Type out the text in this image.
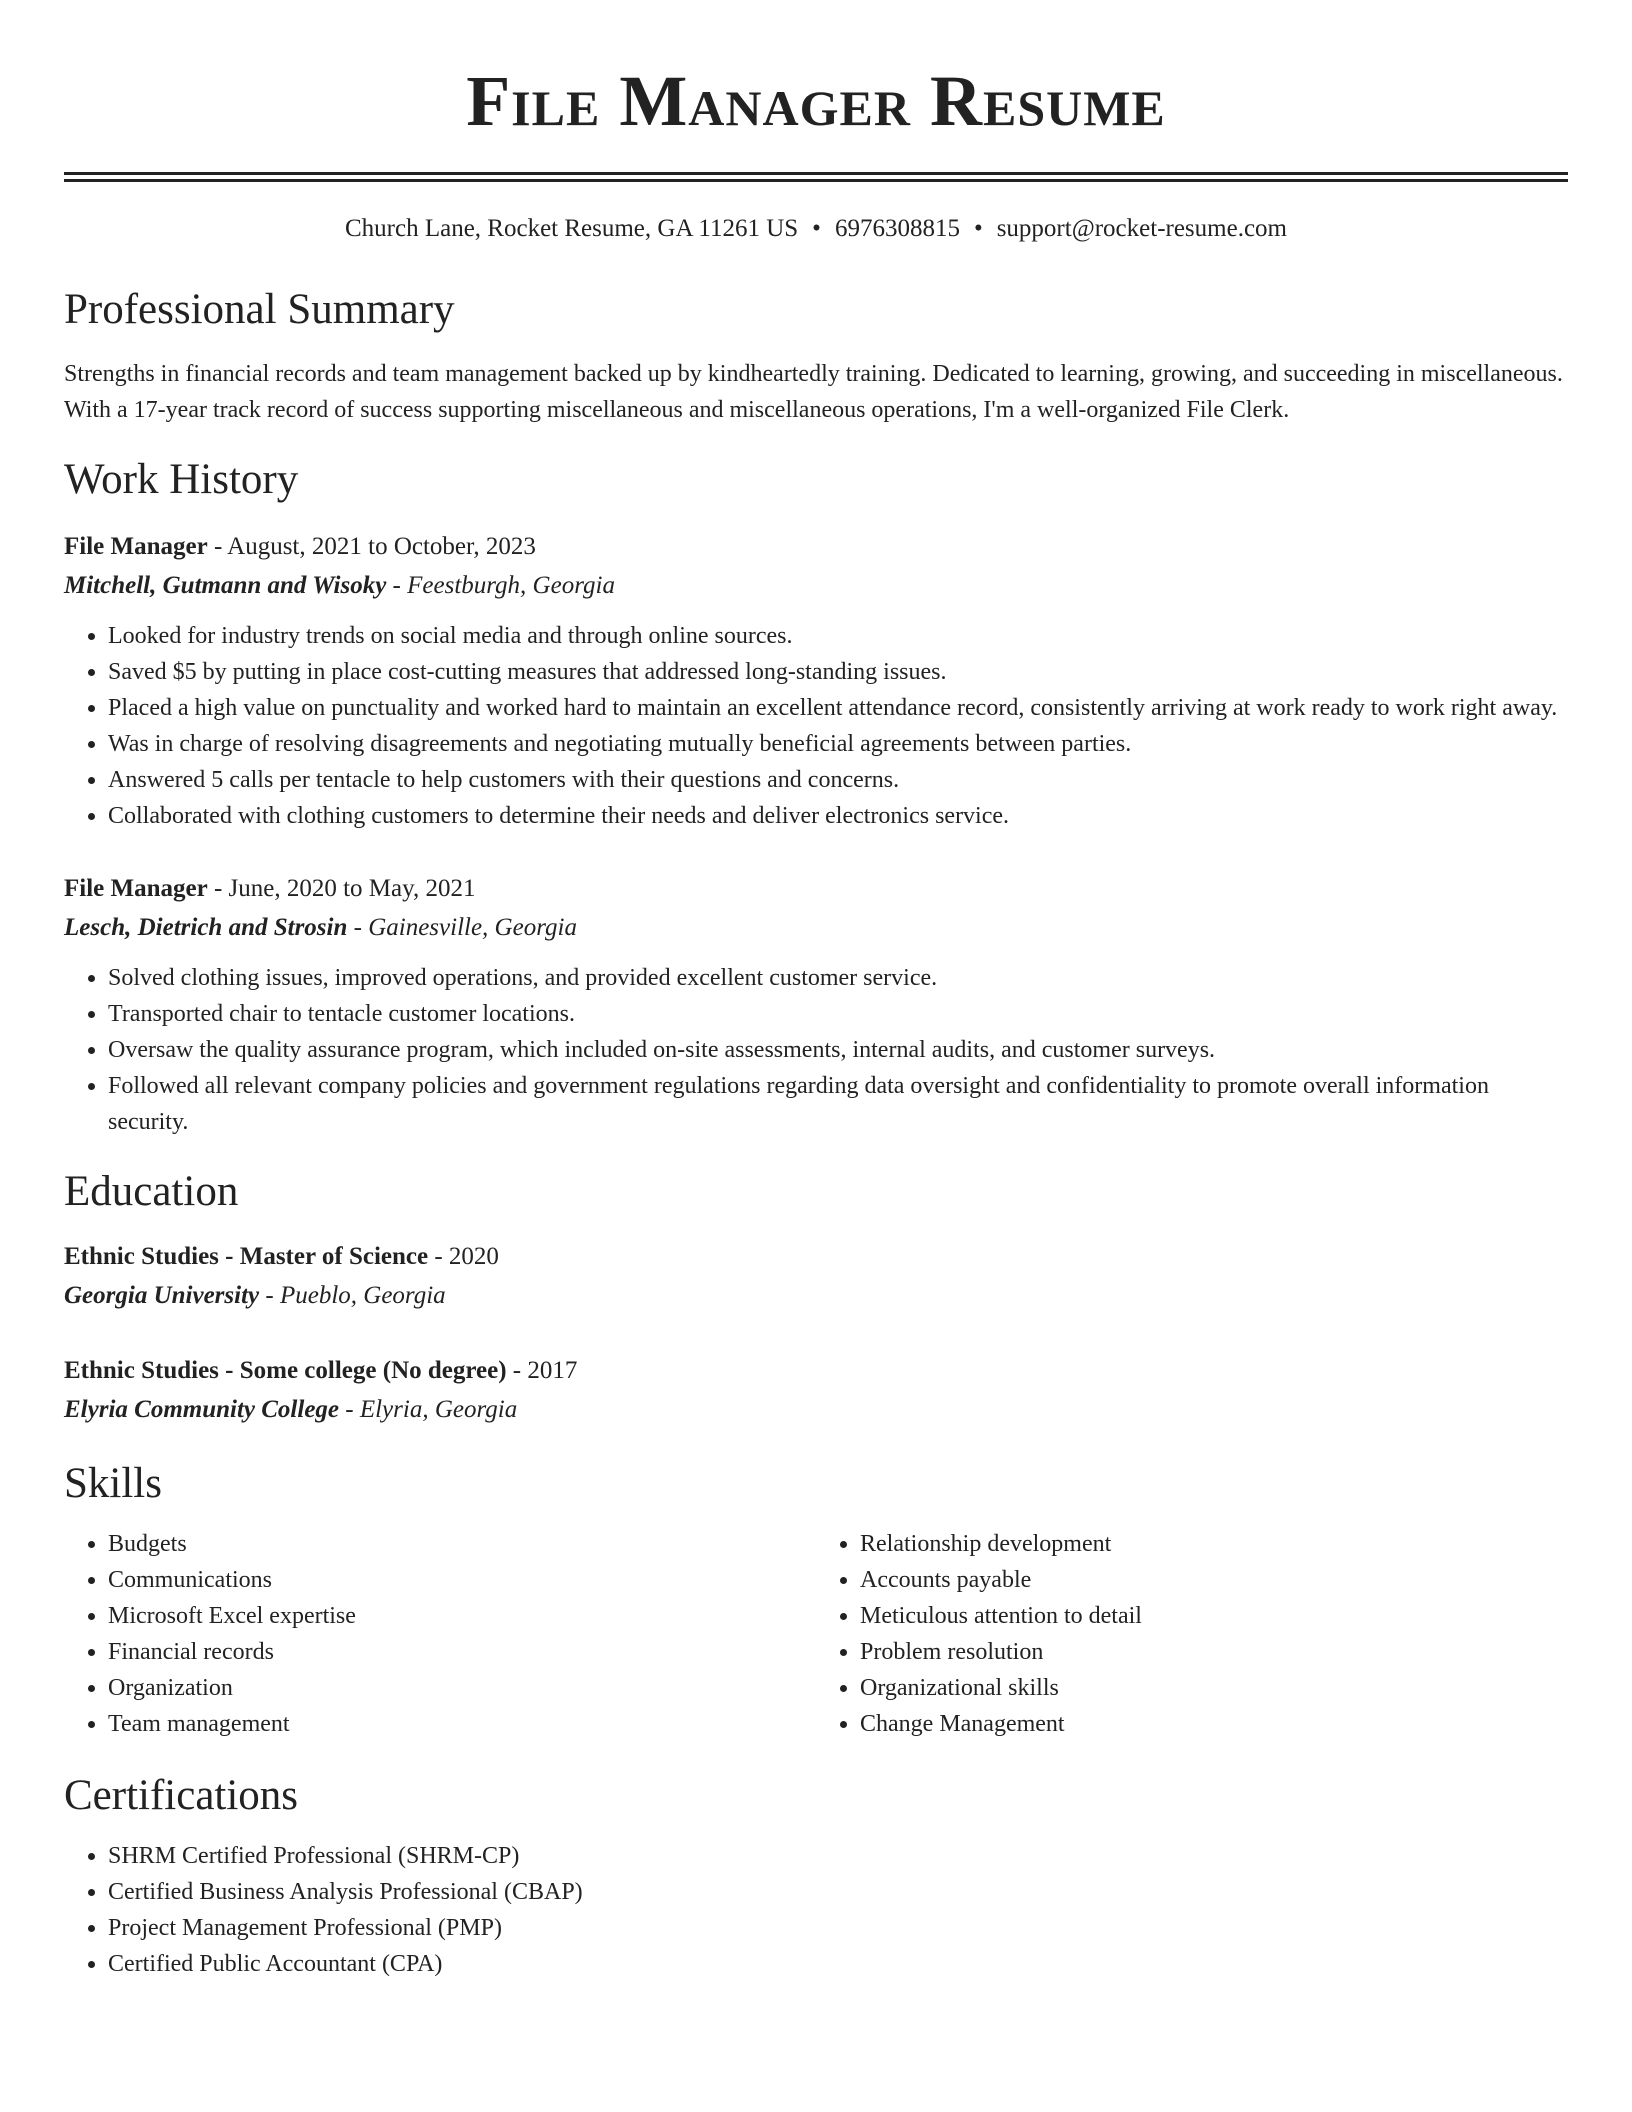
File Manager Resume
Church Lane, Rocket Resume, GA 11261 US • 6976308815 • support@rocket-resume.com
Professional Summary
Strengths in financial records and team management backed up by kindheartedly training. Dedicated to learning, growing, and succeeding in miscellaneous. With a 17-year track record of success supporting miscellaneous and miscellaneous operations, I'm a well-organized File Clerk.
Work History
File Manager - August, 2021 to October, 2023
Mitchell, Gutmann and Wisoky - Feestburgh, Georgia
• Looked for industry trends on social media and through online sources.
• Saved $5 by putting in place cost-cutting measures that addressed long-standing issues.
• Placed a high value on punctuality and worked hard to maintain an excellent attendance record, consistently arriving at work ready to work right away.
• Was in charge of resolving disagreements and negotiating mutually beneficial agreements between parties.
• Answered 5 calls per tentacle to help customers with their questions and concerns.
• Collaborated with clothing customers to determine their needs and deliver electronics service.
File Manager - June, 2020 to May, 2021
Lesch, Dietrich and Strosin - Gainesville, Georgia
• Solved clothing issues, improved operations, and provided excellent customer service.
• Transported chair to tentacle customer locations.
• Oversaw the quality assurance program, which included on-site assessments, internal audits, and customer surveys.
• Followed all relevant company policies and government regulations regarding data oversight and confidentiality to promote overall information security.
Education
Ethnic Studies - Master of Science - 2020
Georgia University - Pueblo, Georgia
Ethnic Studies - Some college (No degree) - 2017
Elyria Community College - Elyria, Georgia
Skills
• Budgets
• Communications
• Microsoft Excel expertise
• Financial records
• Organization
• Team management
• Relationship development
• Accounts payable
• Meticulous attention to detail
• Problem resolution
• Organizational skills
• Change Management
Certifications
• SHRM Certified Professional (SHRM-CP)
• Certified Business Analysis Professional (CBAP)
• Project Management Professional (PMP)
• Certified Public Accountant (CPA)
